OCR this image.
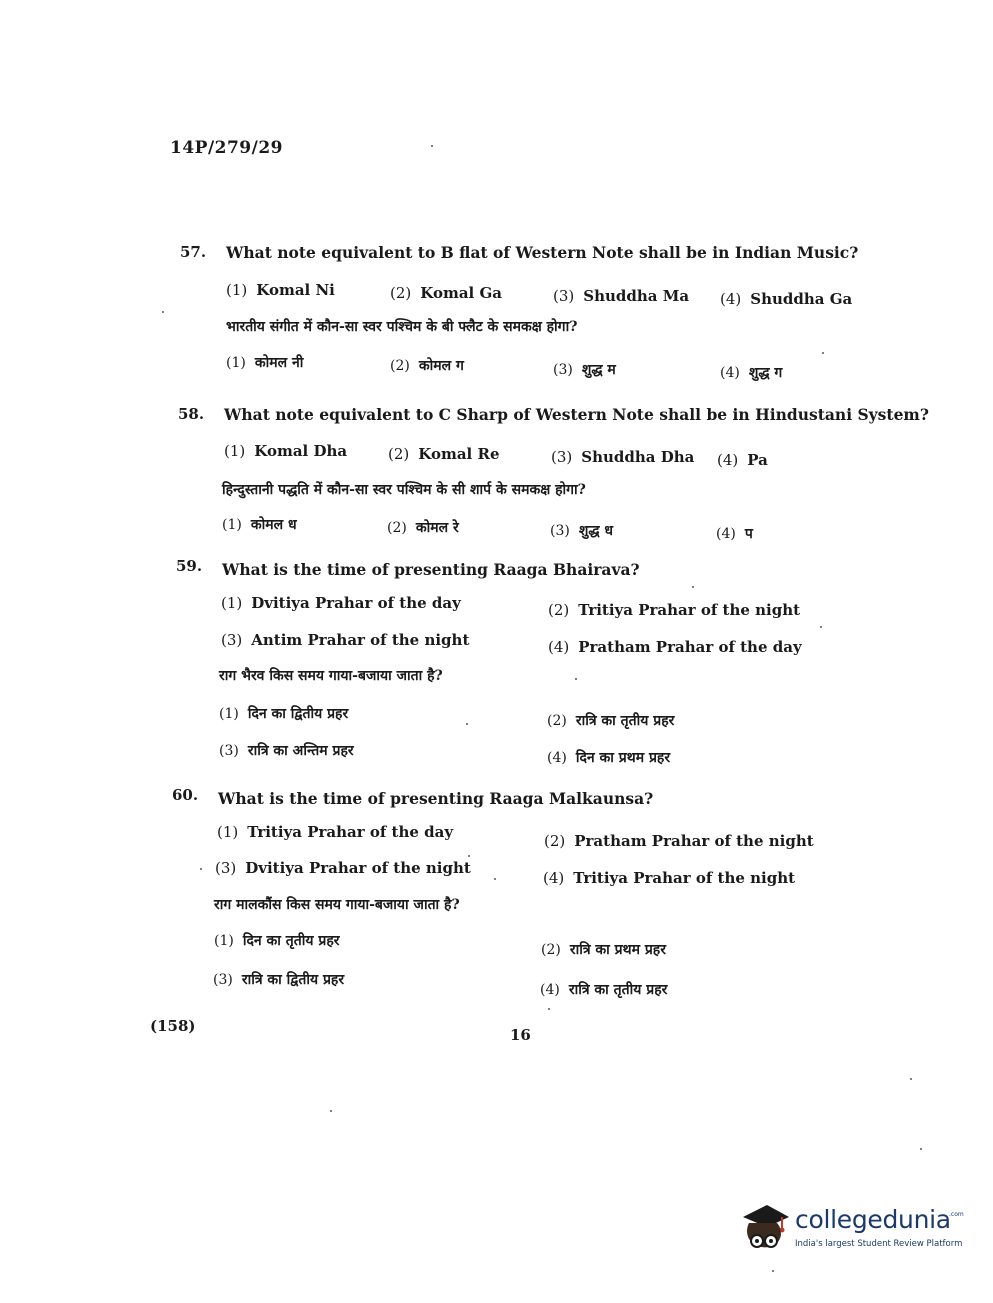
14P/279/29
57. What note equivalent to B flat of Western Note shall be in Indian Music?
(1) Komal Ni	(2) Komal Ga	(3) Shuddha Ma (4) Shuddha Ga
भारतीय संगीत में कौन-सा स्वर पश्चिम के बी फ्लैट के समकक्ष होगा?
(1) कोमल नी	(2) कोमल ग	(3) शुद्ध म	(4) शुद्ध ग
58. What note equivalent to C Sharp of Western Note shall be in Hindustani System?
(1) Komal Dha	(2) Komal Re	(3) Shuddha Dha (4) Pa
हिन्दुस्तानी पद्धति में कौन-सा स्वर पश्चिम के सी शार्प के समकक्ष होगा?
(1) कोमल ध	(2) कोमल रे	(3) शुद्ध ध	(4) प
59. What is the time of presenting Raaga Bhairava?
(1) Dvitiya Prahar of the day	(2) Tritiya Prahar of the night
(3) Antim Prahar of the night	(4) Pratham Prahar of the day
राग भैरव किस समय गाया-बजाया जाता है?
(1) दिन का द्वितीय प्रहर	(2) रात्रि का तृतीय प्रहर
(3) रात्रि का अन्तिम प्रहर	(4) दिन का प्रथम प्रहर
60. What is the time of presenting Raaga Malkaunsa?
(1) Tritiya Prahar of the day	(2) Pratham Prahar of the night
(3) Dvitiya Prahar of the night
(4) Tritiya Prahar of the night
राग मालकौंस किस समय गाया-बजाया जाता है?
(1) दिन का तृतीय प्रहर
(2) रात्रि का प्रथम प्रहर
(3) रात्रि का द्वितीय प्रहर
(4) रात्रि का तृतीय प्रहर
(158)	16
collegedunia
.com
India's largest Student Review Platform
